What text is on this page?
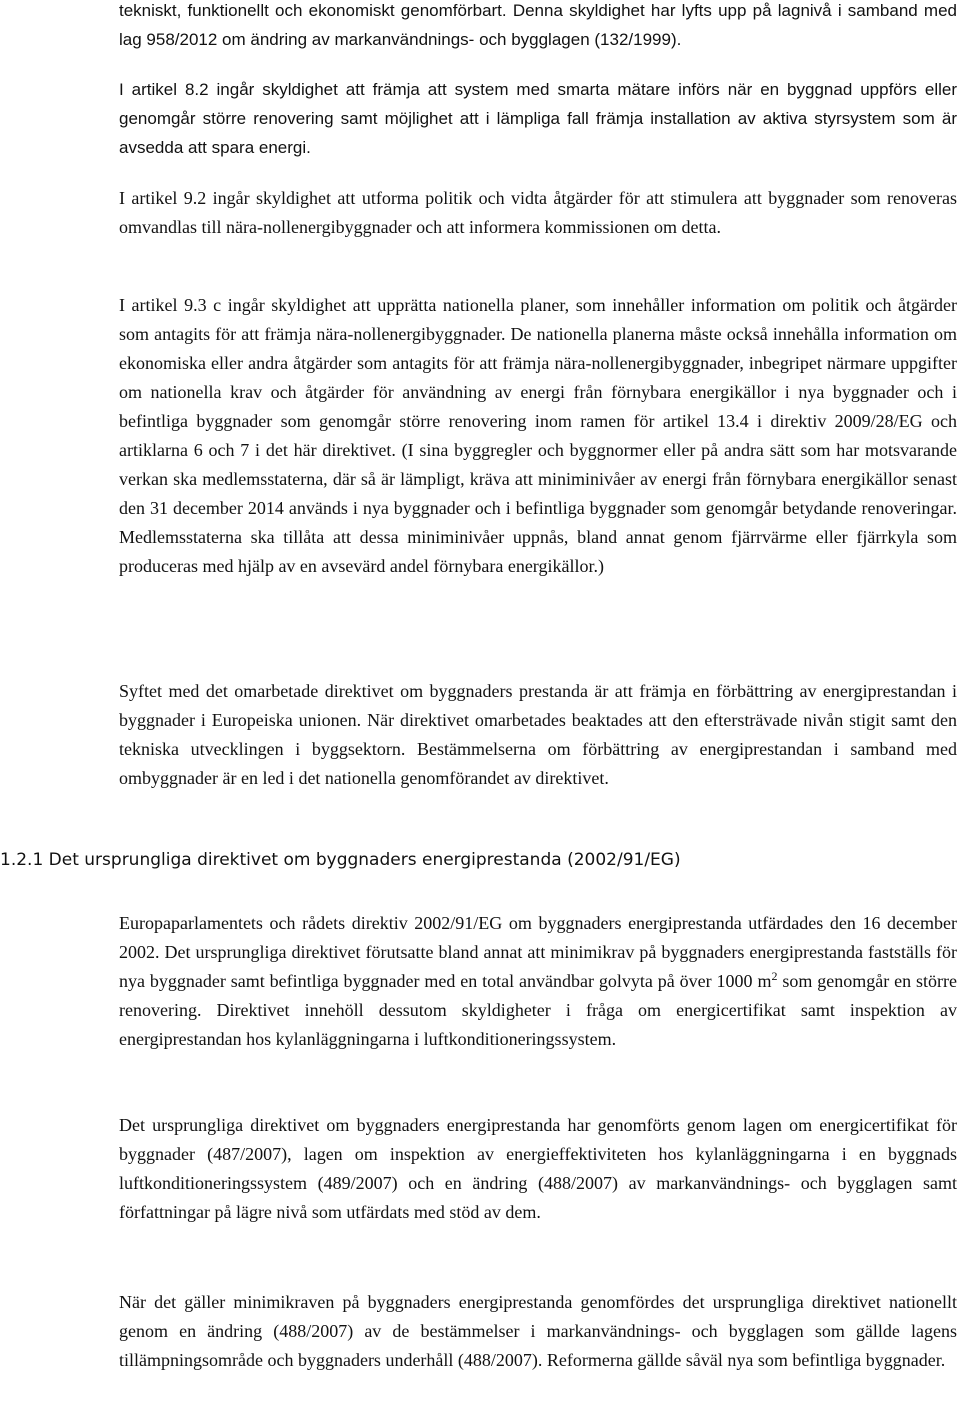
tekniskt, funktionellt och ekonomiskt genomförbart. Denna skyldighet har lyfts upp på lagnivå i samband med lag 958/2012 om ändring av markanvändnings- och bygglagen (132/1999).

I artikel 8.2 ingår skyldighet att främja att system med smarta mätare införs när en byggnad uppförs eller genomgår större renovering samt möjlighet att i lämpliga fall främja installation av aktiva styrsystem som är avsedda att spara energi.

I artikel 9.2 ingår skyldighet att utforma politik och vidta åtgärder för att stimulera att byggnader som renoveras omvandlas till nära-nollenergibyggnader och att informera kommissionen om detta.

I artikel 9.3 c ingår skyldighet att upprätta nationella planer, som innehåller information om politik och åtgärder som antagits för att främja nära-nollenergibyggnader. De nationella planerna måste också innehålla information om ekonomiska eller andra åtgärder som antagits för att främja nära-nollenergibyggnader, inbegripet närmare uppgifter om nationella krav och åtgärder för användning av energi från förnybara energikällor i nya byggnader och i befintliga byggnader som genomgår större renovering inom ramen för artikel 13.4 i direktiv 2009/28/EG och artiklarna 6 och 7 i det här direktivet. (I sina byggregler och byggnormer eller på andra sätt som har motsvarande verkan ska medlemsstaterna, där så är lämpligt, kräva att miniminivåer av energi från förnybara energikällor senast den 31 december 2014 används i nya byggnader och i befintliga byggnader som genomgår betydande renoveringar. Medlemsstaterna ska tillåta att dessa miniminivåer uppnås, bland annat genom fjärrvärme eller fjärrkyla som produceras med hjälp av en avsevärd andel förnybara energikällor.)

Syftet med det omarbetade direktivet om byggnaders prestanda är att främja en förbättring av energiprestandan i byggnader i Europeiska unionen. När direktivet omarbetades beaktades att den eftersträvade nivån stigit samt den tekniska utvecklingen i byggsektorn. Bestämmelserna om förbättring av energiprestandan i samband med ombyggnader är en led i det nationella genomförandet av direktivet.

1.2.1 Det ursprungliga direktivet om byggnaders energiprestanda (2002/91/EG)

Europaparlamentets och rådets direktiv 2002/91/EG om byggnaders energiprestanda utfärdades den 16 december 2002. Det ursprungliga direktivet förutsatte bland annat att minimikrav på byggnaders energiprestanda fastställs för nya byggnader samt befintliga byggnader med en total användbar golvyta på över 1000 $m^2$ som genomgår en större renovering. Direktivet innehöll dessutom skyldigheter i fråga om energicertifikat samt inspektion av energiprestandan hos kylanläggningarna i luftkonditioneringssystem.

Det ursprungliga direktivet om byggnaders energiprestanda har genomförts genom lagen om energicertifikat för byggnader (487/2007), lagen om inspektion av energieffektiviteten hos kylanläggningarna i en byggnads luftkonditioneringssystem (489/2007) och en ändring (488/2007) av markanvändnings- och bygglagen samt författningar på lägre nivå som utfärdats med stöd av dem.

När det gäller minimikraven på byggnaders energiprestanda genomfördes det ursprungliga direktivet nationellt genom en ändring (488/2007) av de bestämmelser i markanvändnings- och bygglagen som gällde lagens tillämpningsområde och byggnaders underhåll (488/2007). Reformerna gällde såväl nya som befintliga byggnader.
